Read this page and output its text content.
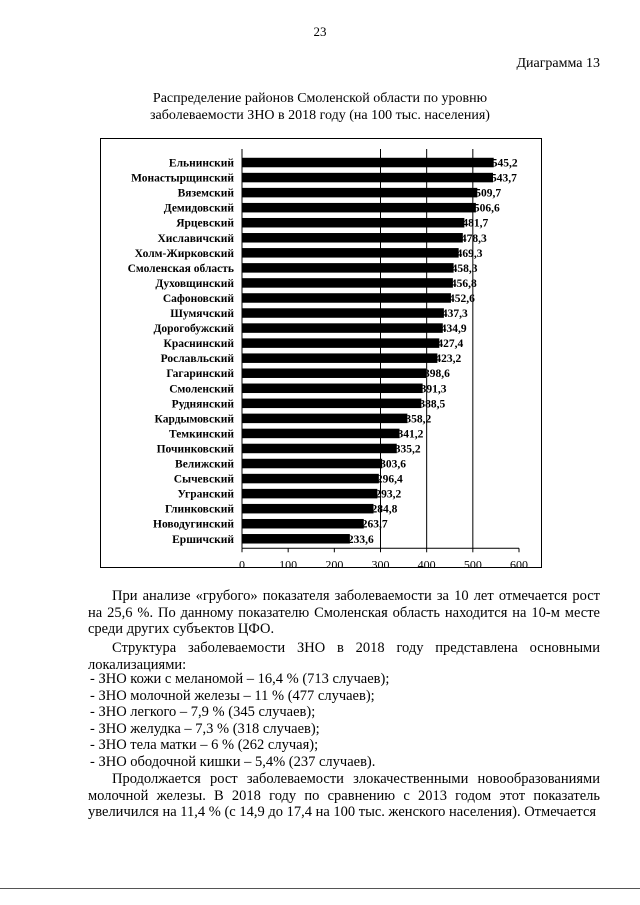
23
Диаграмма 13
Распределение районов Смоленской области по уровню
заболеваемости ЗНО в 2018 году (на 100 тыс. населения)
Ельнинский	545,2
Монастырщинский	543,7
Вяземский	509,7
Демидовский	506,6
Ярцевский	481,7
Хиславичский	478,3
Холм-Жирковский	469,3
Смоленская область	458,3
Духовщинский	456,8
Сафоновский	452,6
Шумячский	437,3
Дорогобужский	434,9
Краснинский	427,4
Рославльский	423,2
Гагаринский	398,6
Смоленский	391,3
Руднянский	388,5
Кардымовский	358,2
Темкинский	341,2
Починковский	335,2
Велижский	303,6
Сычевский	296,4
Угранский	293,2
Глинковский	284,8
Новодугинский	263,7
Ершичский	233,6
0	100 200 300 400 500 600

При анализе «грубого» показателя заболеваемости за 10 лет отмечается рост на 25,6 %. По данному показателю Смоленская область находится на 10-м месте среди других субъектов ЦФО.

Структура заболеваемости ЗНО в 2018 году представлена основными локализациями:

- ЗНО кожи с меланомой – 16,4 % (713 случаев);
- ЗНО молочной железы – 11 % (477 случаев);
- ЗНО легкого – 7,9 % (345 случаев);
- ЗНО желудка – 7,3 % (318 случаев);
- ЗНО тела матки – 6 % (262 случая);
- ЗНО ободочной кишки – 5,4% (237 случаев).

Продолжается рост заболеваемости злокачественными новообразованиями молочной железы. В 2018 году по сравнению с 2013 годом этот показатель увеличился на 11,4 % (с 14,9 до 17,4 на 100 тыс. женского населения). Отмечается
